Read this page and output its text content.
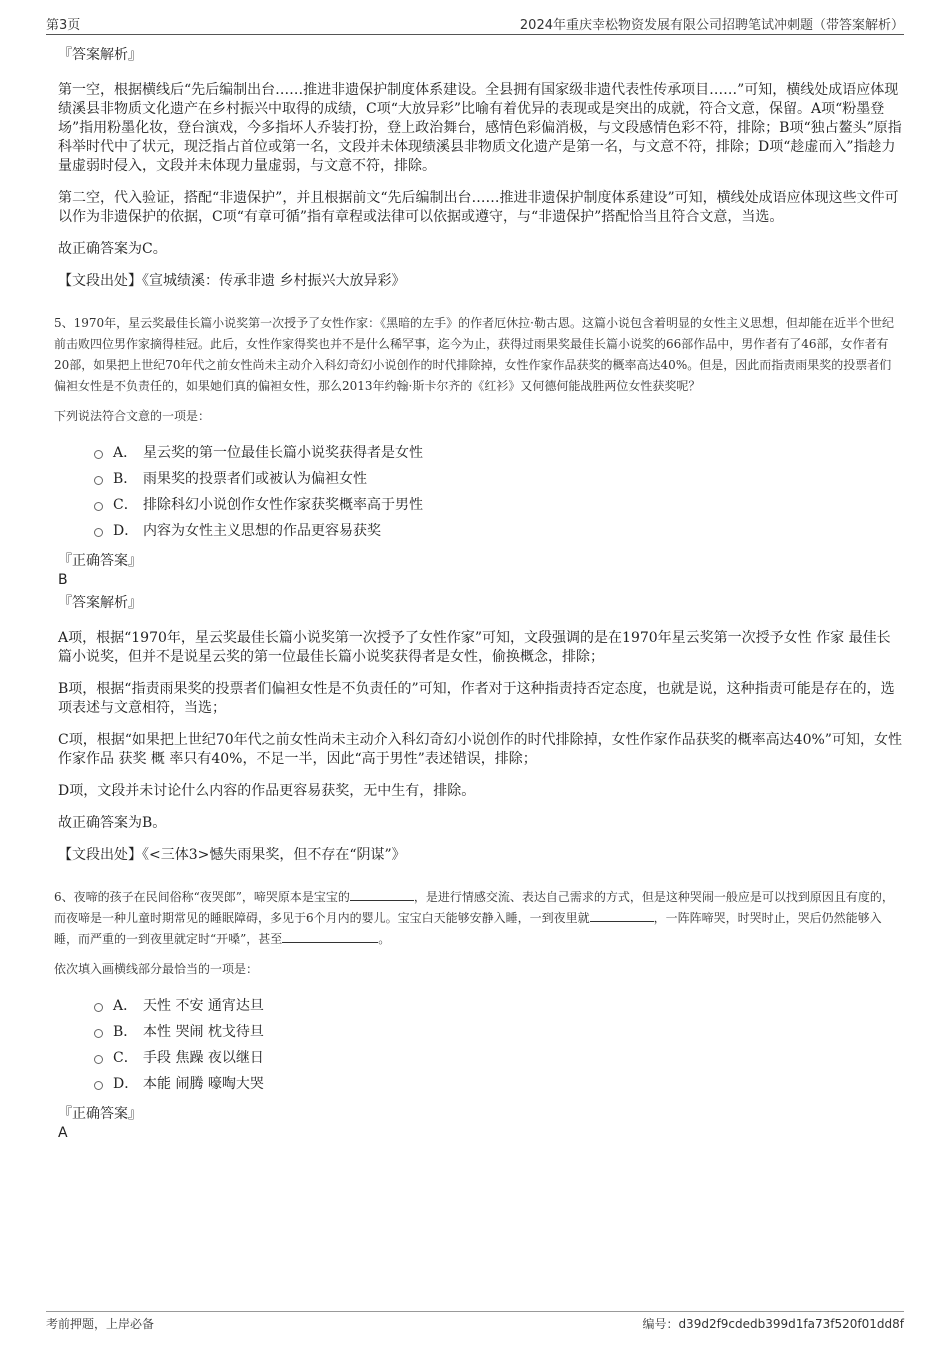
第3页	2024年重庆幸松物资发展有限公司招聘笔试冲刺题（带答案解析）
『答案解析』

第一空，根据横线后“先后编制出台……推进非遗保护制度体系建设。全县拥有国家级非遗代表性传承项目……”可知，横线处成语应体现绩溪县非物质文化遗产在乡村振兴中取得的成绩，C项“大放异彩”比喻有着优异的表现或是突出的成就，符合文意，保留。A项“粉墨登场”指用粉墨化妆，登台演戏，今多指坏人乔装打扮，登上政治舞台，感情色彩偏消极，与文段感情色彩不符，排除；B项“独占鳌头”原指科举时代中了状元，现泛指占首位或第一名，文段并未体现绩溪县非物质文化遗产是第一名，与文意不符，排除；D项“趁虚而入”指趁力量虚弱时侵入，文段并未体现力量虚弱，与文意不符，排除。

第二空，代入验证，搭配“非遗保护”，并且根据前文“先后编制出台……推进非遗保护制度体系建设”可知，横线处成语应体现这些文件可以作为非遗保护的依据，C项“有章可循”指有章程或法律可以依据或遵守，与“非遗保护”搭配恰当且符合文意，当选。

故正确答案为C。

【文段出处】《宣城绩溪：传承非遗 乡村振兴大放异彩》

5、1970年，星云奖最佳长篇小说奖第一次授予了女性作家：《黑暗的左手》的作者厄休拉·勒古恩。这篇小说包含着明显的女性主义思想，但却能在近半个世纪前击败四位男作家摘得桂冠。此后，女性作家得奖也并不是什么稀罕事，迄今为止，获得过雨果奖最佳长篇小说奖的66部作品中，男作者有了46部，女作者有20部，如果把上世纪70年代之前女性尚未主动介入科幻奇幻小说创作的时代排除掉，女性作家作品获奖的概率高达40%。但是，因此而指责雨果奖的投票者们偏袒女性是不负责任的，如果她们真的偏袒女性，那么2013年约翰·斯卡尔齐的《红衫》又何德何能战胜两位女性获奖呢？
下列说法符合文意的一项是：
A． 星云奖的第一位最佳长篇小说奖获得者是女性
B． 雨果奖的投票者们或被认为偏袒女性
C． 排除科幻小说创作女性作家获奖概率高于男性
D． 内容为女性主义思想的作品更容易获奖
『正确答案』
B
『答案解析』

A项，根据“1970年，星云奖最佳长篇小说奖第一次授予了女性作家”可知，文段强调的是在1970年星云奖第一次授予女性 作家 最佳长篇小说奖，但并不是说星云奖的第一位最佳长篇小说奖获得者是女性，偷换概念，排除；

B项，根据“指责雨果奖的投票者们偏袒女性是不负责任的”可知，作者对于这种指责持否定态度，也就是说，这种指责可能是存在的，选项表述与文意相符，当选；

C项，根据“如果把上世纪70年代之前女性尚未主动介入科幻奇幻小说创作的时代排除掉，女性作家作品获奖的概率高达40%”可知，女性 作家作品 获奖 概 率只有40%，不足一半，因此“高于男性”表述错误，排除；

D项，文段并未讨论什么内容的作品更容易获奖，无中生有，排除。

故正确答案为B。

【文段出处】《<三体3>憾失雨果奖，但不存在“阴谋”》

6、夜啼的孩子在民间俗称“夜哭郎”，啼哭原本是宝宝的	，是进行情感交流、表达自己需求的方式，但是这种哭闹一般应是可以找到原因且有度的，而夜啼是一种儿童时期常见的睡眠障碍，多见于6个月内的婴儿。宝宝白天能够安静入睡，一到夜里就	，一阵阵啼哭，时哭时止，哭后仍然能够入睡，而严重的一到夜里就定时“开嗓”，甚至	。
依次填入画横线部分最恰当的一项是：
A． 天性 不安 通宵达旦
B． 本性 哭闹 枕戈待旦
C． 手段 焦躁 夜以继日
D． 本能 闹腾 嚎啕大哭
『正确答案』
A
考前押题，上岸必备	编号：d39d2f9cdedb399d1fa73f520f01dd8f
